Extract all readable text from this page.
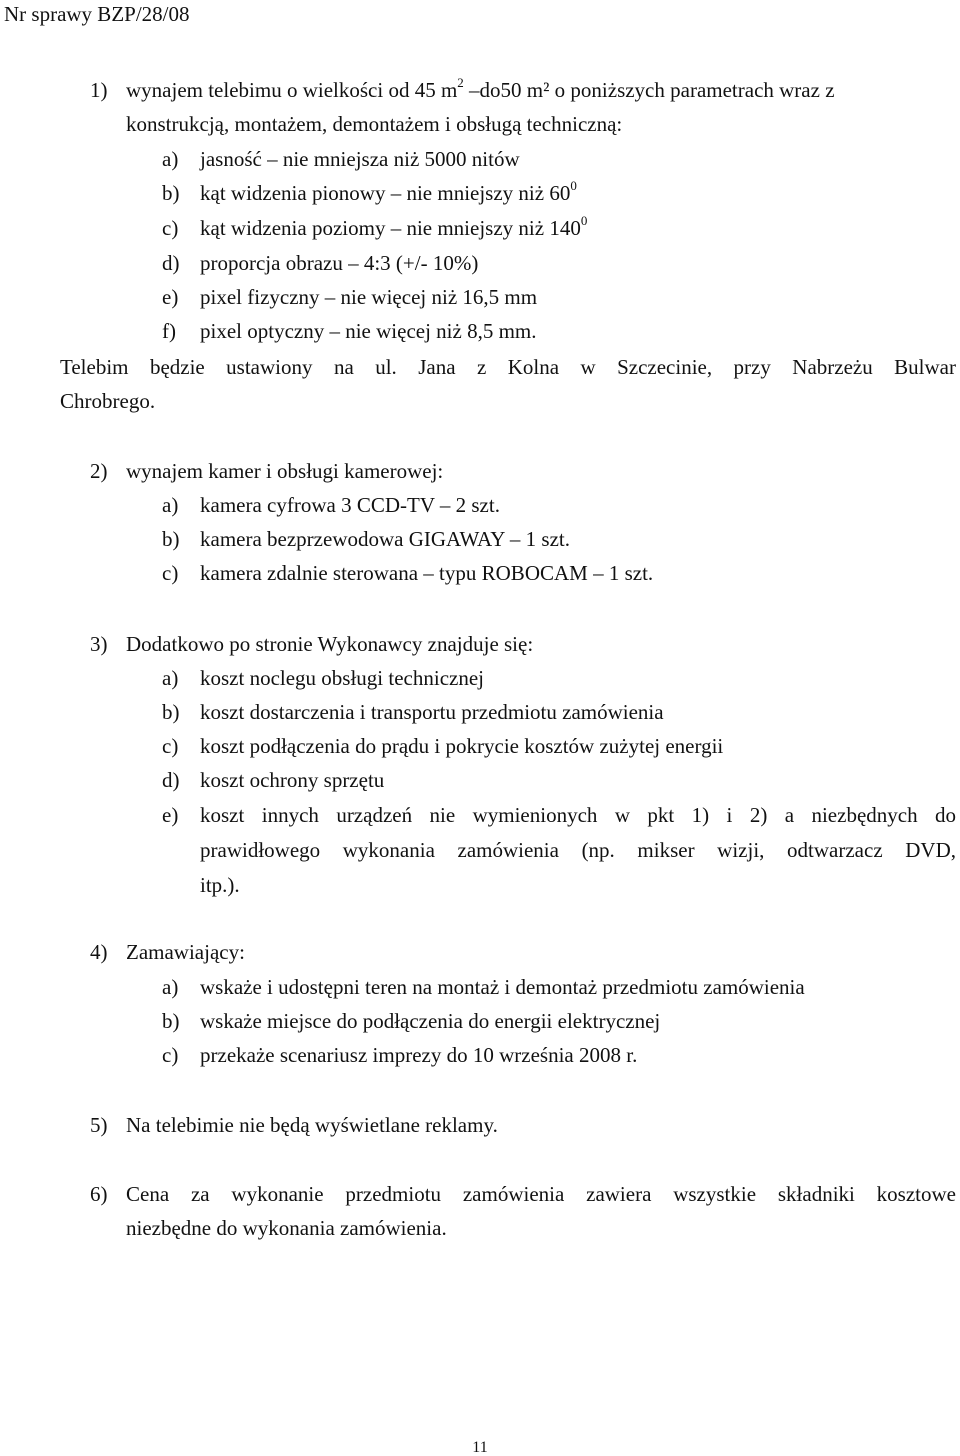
Nr sprawy BZP/28/08
1) wynajem telebimu o wielkości od 45 $m^2$ –do50 m² o poniższych parametrach wraz z
konstrukcją, montażem, demontażem i obsługą techniczną:
a) jasność – nie mniejsza niż 5000 nitów
b) kąt widzenia pionowy – nie mniejszy niż $60^0$
c) kąt widzenia poziomy – nie mniejszy niż $140^0$
d) proporcja obrazu – 4:3 (+/- 10%)
e) pixel fizyczny – nie więcej niż 16,5 mm
f) pixel optyczny – nie więcej niż 8,5 mm.
Telebim będzie ustawiony na ul. Jana z Kolna w Szczecinie, przy Nabrzeżu Bulwar
Chrobrego.
2) wynajem kamer i obsługi kamerowej:
a) kamera cyfrowa 3 CCD-TV – 2 szt.
b) kamera bezprzewodowa GIGAWAY – 1 szt.
c) kamera zdalnie sterowana – typu ROBOCAM – 1 szt.
3) Dodatkowo po stronie Wykonawcy znajduje się:
a) koszt noclegu obsługi technicznej
b) koszt dostarczenia i transportu przedmiotu zamówienia
c) koszt podłączenia do prądu i pokrycie kosztów zużytej energii
d) koszt ochrony sprzętu
e) koszt innych urządzeń nie wymienionych w pkt 1) i 2) a niezbędnych do
prawidłowego wykonania zamówienia (np. mikser wizji, odtwarzacz DVD,
itp.).
4) Zamawiający:
a) wskaże i udostępni teren na montaż i demontaż przedmiotu zamówienia
b) wskaże miejsce do podłączenia do energii elektrycznej
c) przekaże scenariusz imprezy do 10 września 2008 r.
5) Na telebimie nie będą wyświetlane reklamy.
6) Cena za wykonanie przedmiotu zamówienia zawiera wszystkie składniki kosztowe
niezbędne do wykonania zamówienia.
11
